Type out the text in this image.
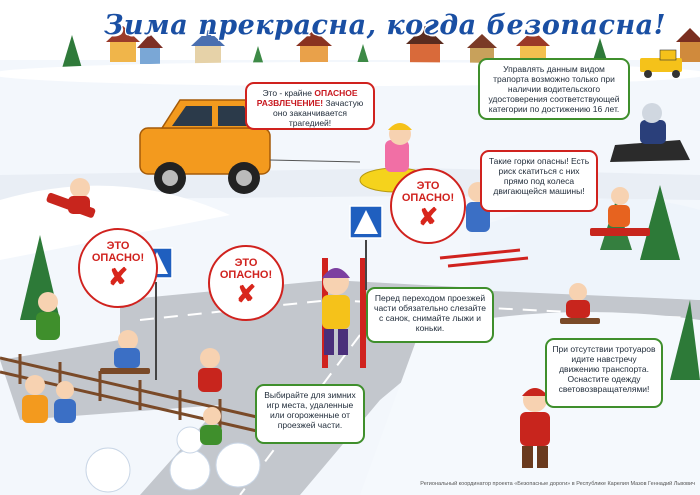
Зима прекрасна, когда безопасна!
Это - крайне ОПАСНОЕ РАЗВЛЕЧЕНИЕ! Зачастую оно заканчивается трагедией!
Такие горки опасны! Есть риск скатиться с них прямо под колеса двигающейся машины!
Управлять данным видом трапорта возможно только при наличии водительского удостоверения соответствующей категории по достижению 16 лет.
Перед переходом проезжей части обязательно слезайте с санок, снимайте лыжи и коньки.
При отсутствии тротуаров идите навстречу движению транспорта. Оснастите одежду световозвращателями!
Выбирайте для зимних игр места, удаленные или огороженные от проезжей части.
ЭТО
ОПАСНО!
✘
ЭТО
ОПАСНО!
✘
ЭТО
ОПАСНО!
✘
Региональный координатор проекта «Безопасные дороги» в Республике Карелия Мазов Геннадий Львович
